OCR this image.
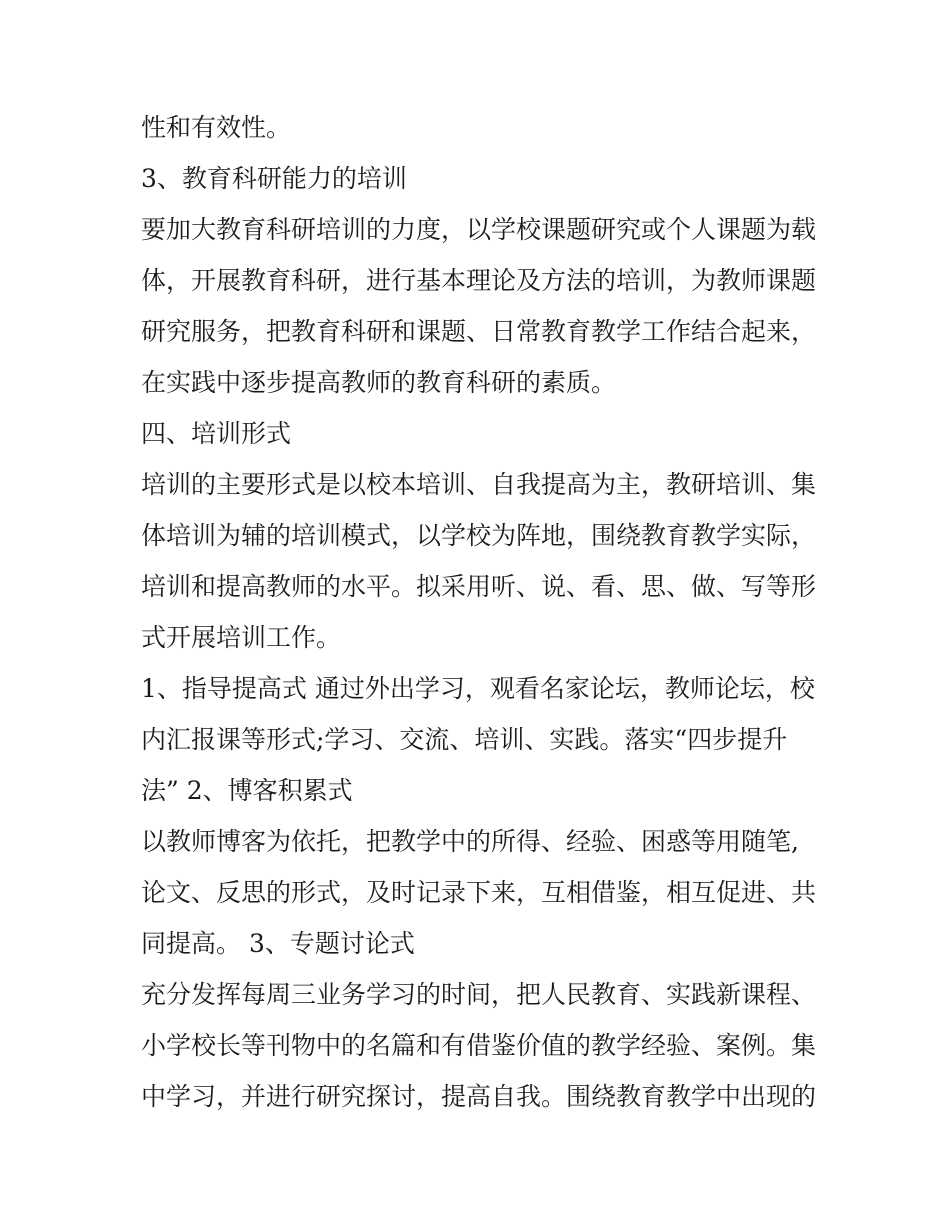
性和有效性。
3、教育科研能力的培训
要加大教育科研培训的力度，以学校课题研究或个人课题为载
体，开展教育科研，进行基本理论及方法的培训，为教师课题
研究服务，把教育科研和课题、日常教育教学工作结合起来，
在实践中逐步提高教师的教育科研的素质。
四、培训形式
培训的主要形式是以校本培训、自我提高为主，教研培训、集
体培训为辅的培训模式，以学校为阵地，围绕教育教学实际，
培训和提高教师的水平。拟采用听、说、看、思、做、写等形
式开展培训工作。
1、指导提高式 通过外出学习，观看名家论坛，教师论坛，校
内汇报课等形式;学习、交流、培训、实践。落实“四步提升
法” 2、博客积累式
以教师博客为依托，把教学中的所得、经验、困惑等用随笔,
论文、反思的形式，及时记录下来，互相借鉴，相互促进、共
同提高。 3、专题讨论式
充分发挥每周三业务学习的时间，把人民教育、实践新课程、
小学校长等刊物中的名篇和有借鉴价值的教学经验、案例。集
中学习，并进行研究探讨，提高自我。围绕教育教学中出现的
